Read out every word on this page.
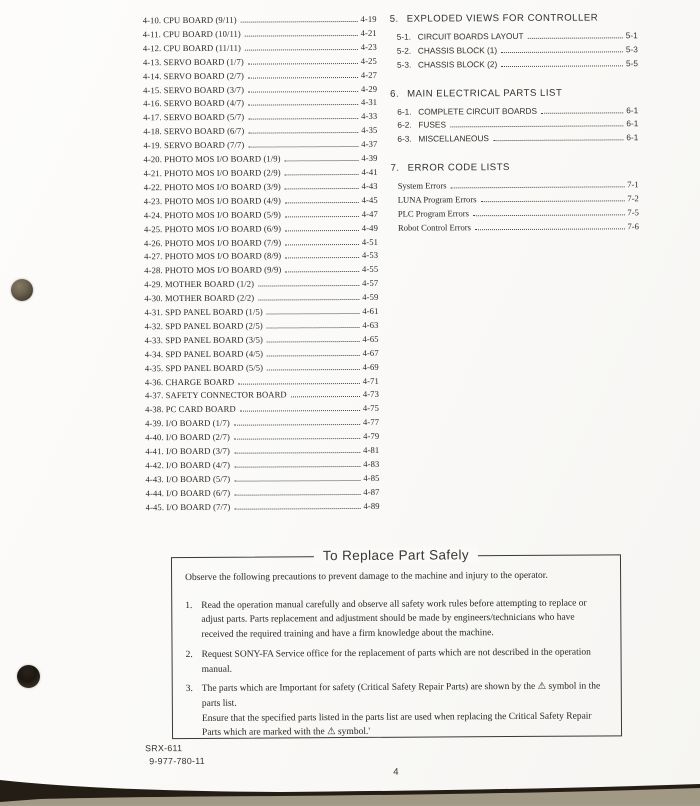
4-10. CPU BOARD (9/11)	4-19
4-11. CPU BOARD (10/11)	4-21
4-12. CPU BOARD (11/11)	4-23
4-13. SERVO BOARD (1/7)	4-25
4-14. SERVO BOARD (2/7)	4-27
4-15. SERVO BOARD (3/7)	4-29
4-16. SERVO BOARD (4/7)	4-31
4-17. SERVO BOARD (5/7)	4-33
4-18. SERVO BOARD (6/7)	4-35
4-19. SERVO BOARD (7/7)	4-37
4-20. PHOTO MOS I/O BOARD (1/9)	4-39
4-21. PHOTO MOS I/O BOARD (2/9)	4-41
4-22. PHOTO MOS I/O BOARD (3/9)	4-43
4-23. PHOTO MOS I/O BOARD (4/9)	4-45
4-24. PHOTO MOS I/O BOARD (5/9)	4-47
4-25. PHOTO MOS I/O BOARD (6/9)	4-49
4-26. PHOTO MOS I/O BOARD (7/9)	4-51
4-27. PHOTO MOS I/O BOARD (8/9)	4-53
4-28. PHOTO MOS I/O BOARD (9/9)	4-55
4-29. MOTHER BOARD (1/2)	4-57
4-30. MOTHER BOARD (2/2)	4-59
4-31. SPD PANEL BOARD (1/5)	4-61
4-32. SPD PANEL BOARD (2/5)	4-63
4-33. SPD PANEL BOARD (3/5)	4-65
4-34. SPD PANEL BOARD (4/5)	4-67
4-35. SPD PANEL BOARD (5/5)	4-69
4-36. CHARGE BOARD	4-71
4-37. SAFETY CONNECTOR BOARD	4-73
4-38. PC CARD BOARD	4-75
4-39. I/O BOARD (1/7)	4-77
4-40. I/O BOARD (2/7)	4-79
4-41. I/O BOARD (3/7)	4-81
4-42. I/O BOARD (4/7)	4-83
4-43. I/O BOARD (5/7)	4-85
4-44. I/O BOARD (6/7)	4-87
4-45. I/O BOARD (7/7)	4-89
5. EXPLODED VIEWS FOR CONTROLLER
5-1. CIRCUIT BOARDS LAYOUT	5-1
5-2. CHASSIS BLOCK (1)	5-3
5-3. CHASSIS BLOCK (2)	5-5
6. MAIN ELECTRICAL PARTS LIST
6-1. COMPLETE CIRCUIT BOARDS	6-1
6-2. FUSES	6-1
6-3. MISCELLANEOUS	6-1
7. ERROR CODE LISTS
System Errors	7-1
LUNA Program Errors	7-2
PLC Program Errors	7-5
Robot Control Errors	7-6
To Replace Part Safely
Observe the following precautions to prevent damage to the machine and injury to the operator.
1. Read the operation manual carefully and observe all safety work rules before attempting to replace or adjust parts. Parts replacement and adjustment should be made by engineers/technicians who have received the required training and have a firm knowledge about the machine.

2. Request SONY-FA Service office for the replacement of parts which are not described in the operation manual.

3. The parts which are Important for safety (Critical Safety Repair Parts) are shown by the ⚠ symbol in the parts list.

Ensure that the specified parts listed in the parts list are used when replacing the Critical Safety Repair Parts which are marked with the ⚠ symbol.'

SRX-611
9-977-780-11
4
